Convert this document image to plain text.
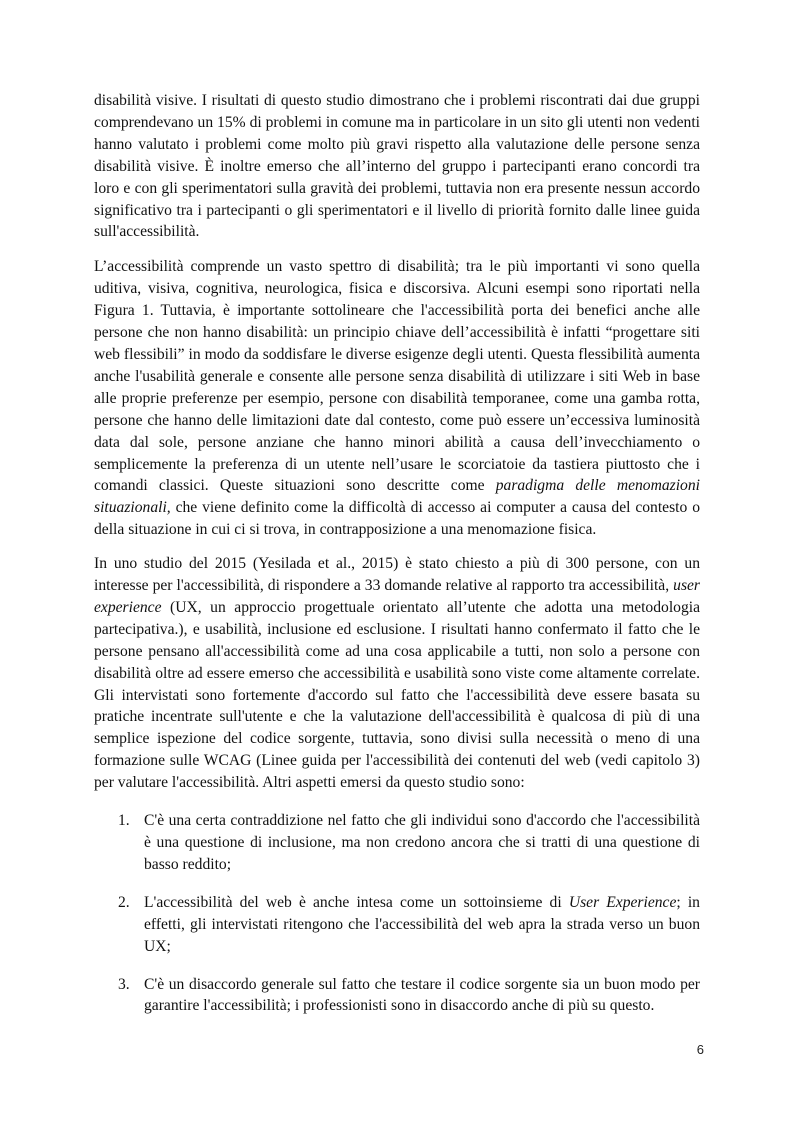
disabilità visive. I risultati di questo studio dimostrano che i problemi riscontrati dai due gruppi comprendevano un 15% di problemi in comune ma in particolare in un sito gli utenti non vedenti hanno valutato i problemi come molto più gravi rispetto alla valutazione delle persone senza disabilità visive. È inoltre emerso che all’interno del gruppo i partecipanti erano concordi tra loro e con gli sperimentatori sulla gravità dei problemi, tuttavia non era presente nessun accordo significativo tra i partecipanti o gli sperimentatori e il livello di priorità fornito dalle linee guida sull'accessibilità.

L’accessibilità comprende un vasto spettro di disabilità; tra le più importanti vi sono quella uditiva, visiva, cognitiva, neurologica, fisica e discorsiva. Alcuni esempi sono riportati nella Figura 1. Tuttavia, è importante sottolineare che l'accessibilità porta dei benefici anche alle persone che non hanno disabilità: un principio chiave dell’accessibilità è infatti “progettare siti web flessibili” in modo da soddisfare le diverse esigenze degli utenti. Questa flessibilità aumenta anche l'usabilità generale e consente alle persone senza disabilità di utilizzare i siti Web in base alle proprie preferenze per esempio, persone con disabilità temporanee, come una gamba rotta, persone che hanno delle limitazioni date dal contesto, come può essere un’eccessiva luminosità data dal sole, persone anziane che hanno minori abilità a causa dell’invecchiamento o semplicemente la preferenza di un utente nell’usare le scorciatoie da tastiera piuttosto che i comandi classici. Queste situazioni sono descritte come paradigma delle menomazioni situazionali, che viene definito come la difficoltà di accesso ai computer a causa del contesto o della situazione in cui ci si trova, in contrapposizione a una menomazione fisica.

In uno studio del 2015 (Yesilada et al., 2015) è stato chiesto a più di 300 persone, con un interesse per l'accessibilità, di rispondere a 33 domande relative al rapporto tra accessibilità, user experience (UX, un approccio progettuale orientato all’utente che adotta una metodologia partecipativa.), e usabilità, inclusione ed esclusione. I risultati hanno confermato il fatto che le persone pensano all'accessibilità come ad una cosa applicabile a tutti, non solo a persone con disabilità oltre ad essere emerso che accessibilità e usabilità sono viste come altamente correlate. Gli intervistati sono fortemente d'accordo sul fatto che l'accessibilità deve essere basata su pratiche incentrate sull'utente e che la valutazione dell'accessibilità è qualcosa di più di una semplice ispezione del codice sorgente, tuttavia, sono divisi sulla necessità o meno di una formazione sulle WCAG (Linee guida per l'accessibilità dei contenuti del web (vedi capitolo 3) per valutare l'accessibilità. Altri aspetti emersi da questo studio sono:

1. C'è una certa contraddizione nel fatto che gli individui sono d'accordo che l'accessibilità è una questione di inclusione, ma non credono ancora che si tratti di una questione di basso reddito;

2. L'accessibilità del web è anche intesa come un sottoinsieme di User Experience; in effetti, gli intervistati ritengono che l'accessibilità del web apra la strada verso un buon UX;

3. C'è un disaccordo generale sul fatto che testare il codice sorgente sia un buon modo per garantire l'accessibilità; i professionisti sono in disaccordo anche di più su questo.

6
